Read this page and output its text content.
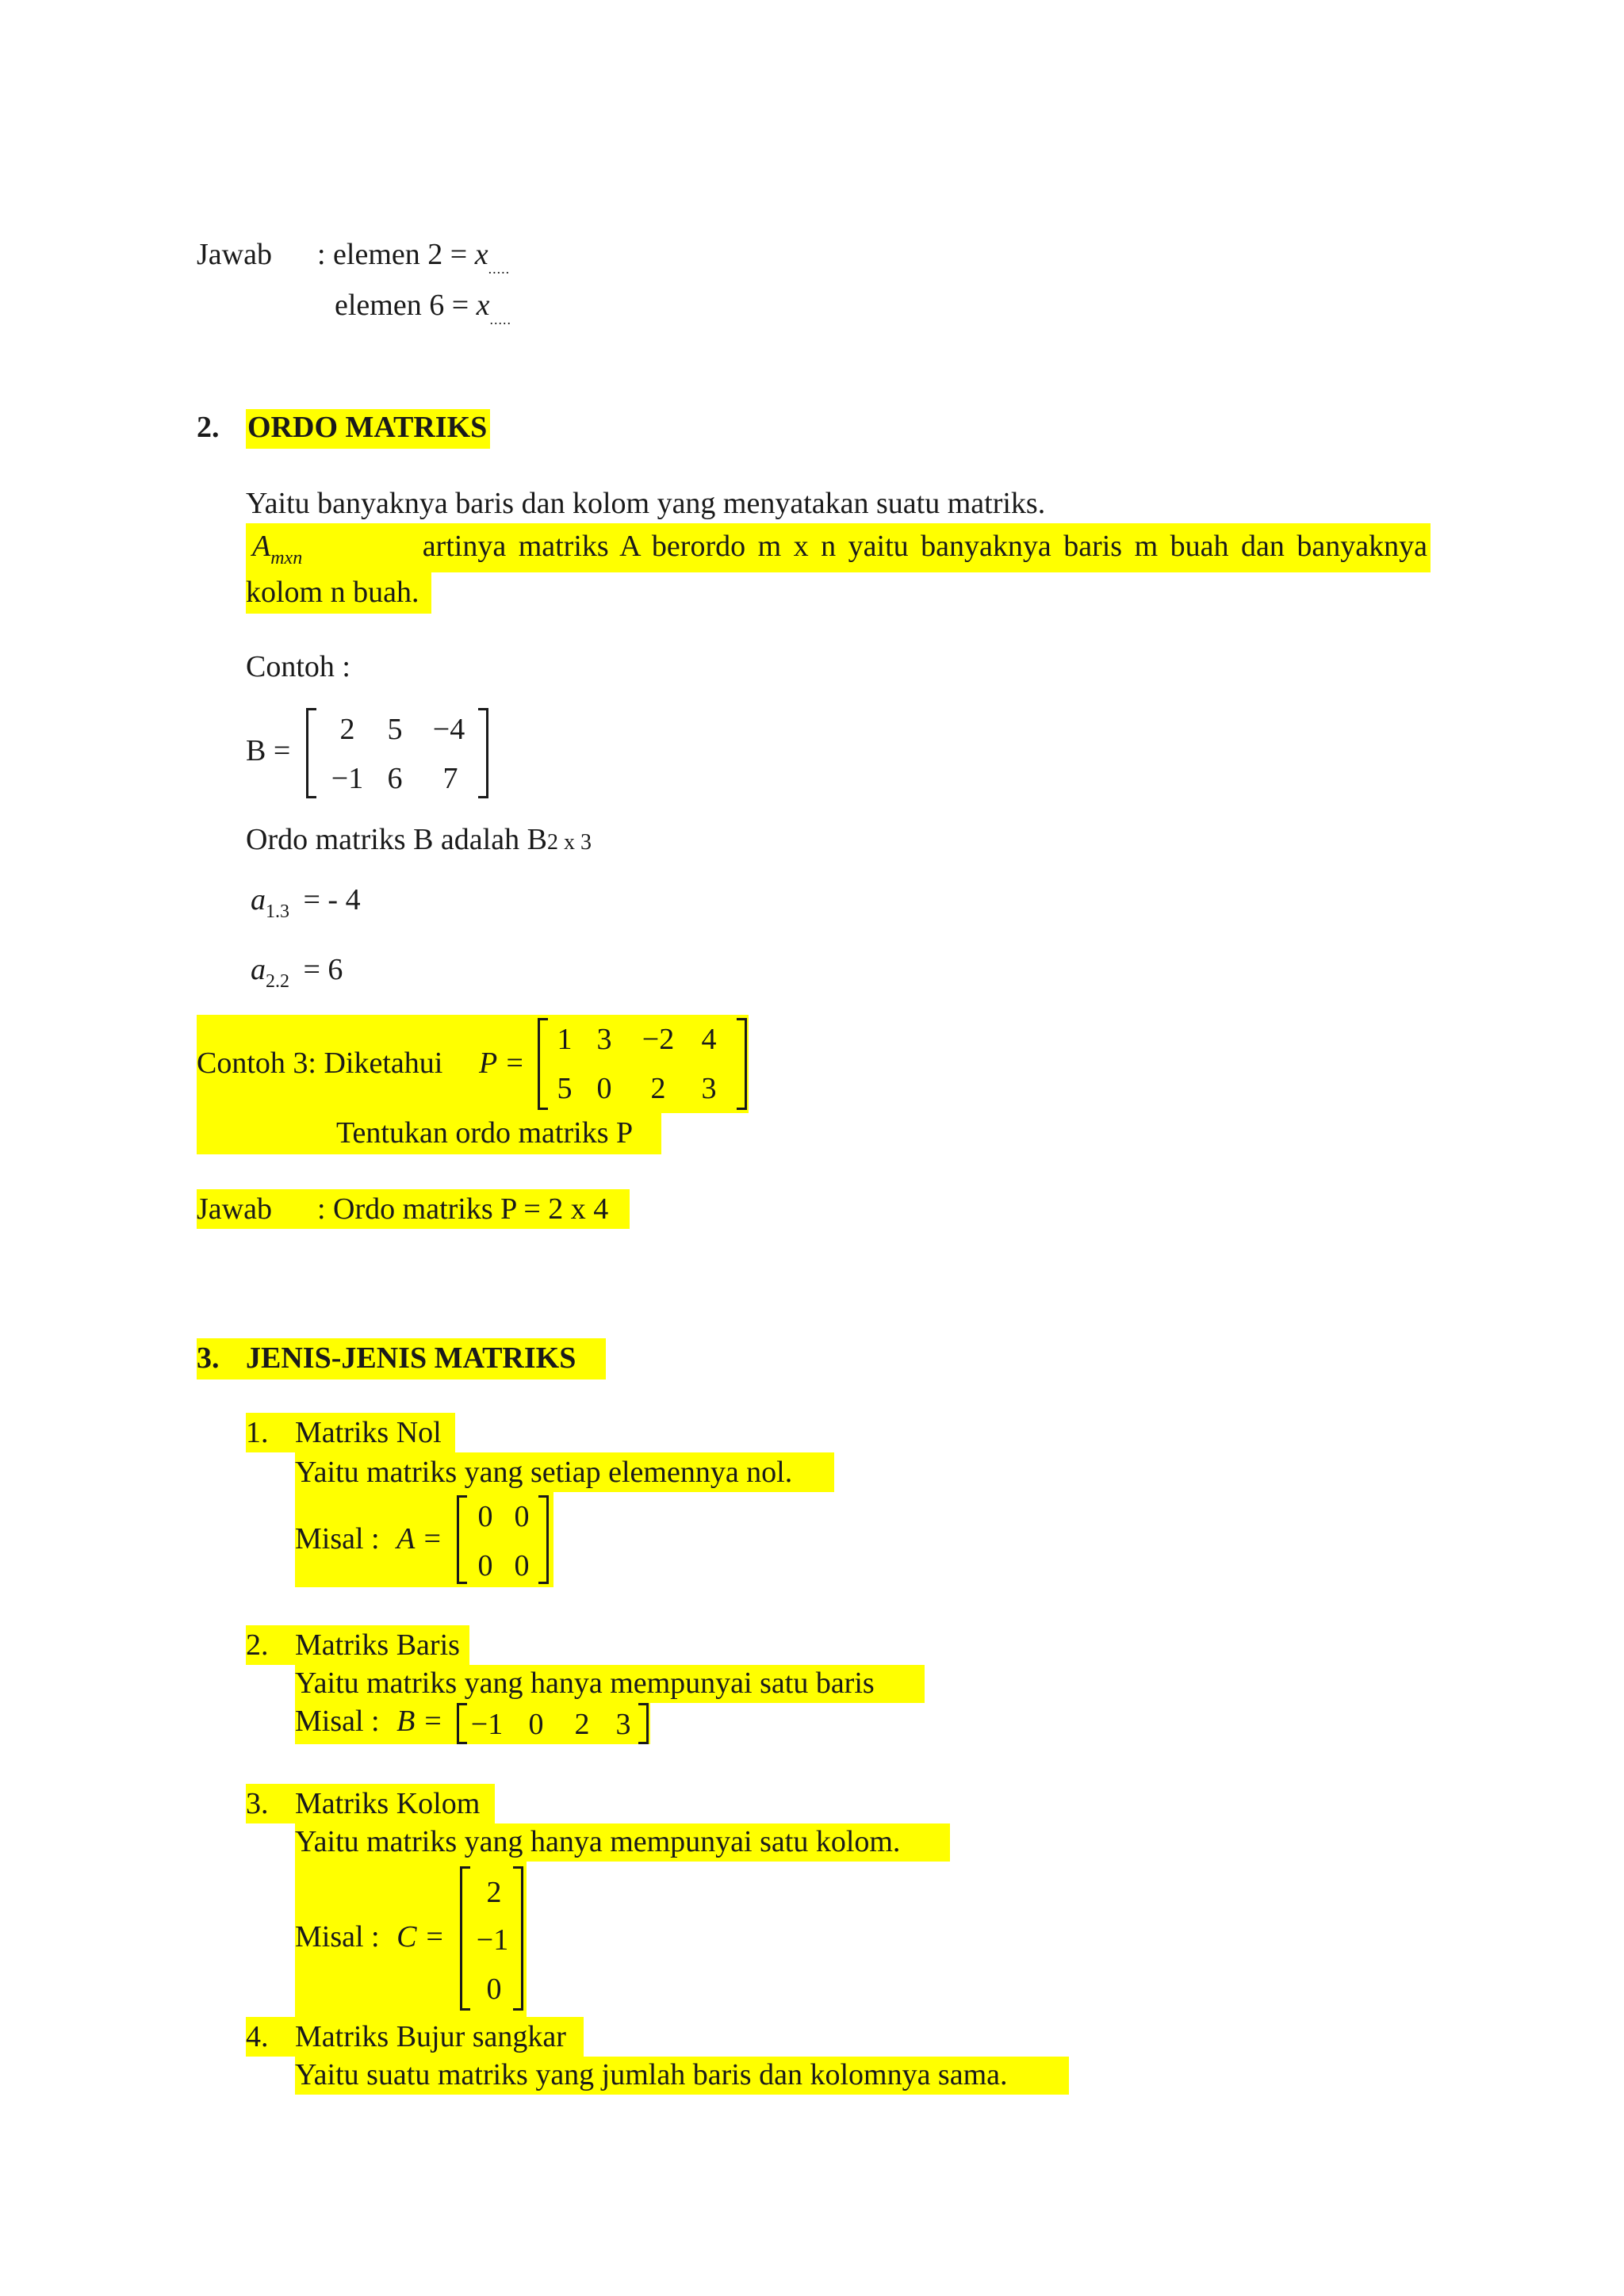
Jawab : elemen $2 = x_{.....}$
elemen $6 = x_{.....}$
2. ORDO MATRIKS
Yaitu banyaknya baris dan kolom yang menyatakan suatu matriks.
$A_{mxn}$	artinya matriks A berordo m x n yaitu banyaknya baris m buah dan banyaknya
kolom n buah.
Contoh :
B =
2 5 −4
−1 6 7
Ordo matriks B adalah B2 x 3
$a_{1.3}$ = - 4
$a_{2.2} = 6$
Contoh 3: Diketahui P =
1 3 −2 4
5 0 2 3
Tentukan ordo matriks P
Jawab : Ordo matriks P = 2 x 4
3. JENIS-JENIS MATRIKS
1. Matriks Nol
Yaitu matriks yang setiap elemennya nol.
Misal : A =
0 0
0 0
2. Matriks Baris
Yaitu matriks yang hanya mempunyai satu baris
Misal : B = −1 0 2 3
3. Matriks Kolom
Yaitu matriks yang hanya mempunyai satu kolom.
Misal : C =
2
−1
0
4. Matriks Bujur sangkar
Yaitu suatu matriks yang jumlah baris dan kolomnya sama.
